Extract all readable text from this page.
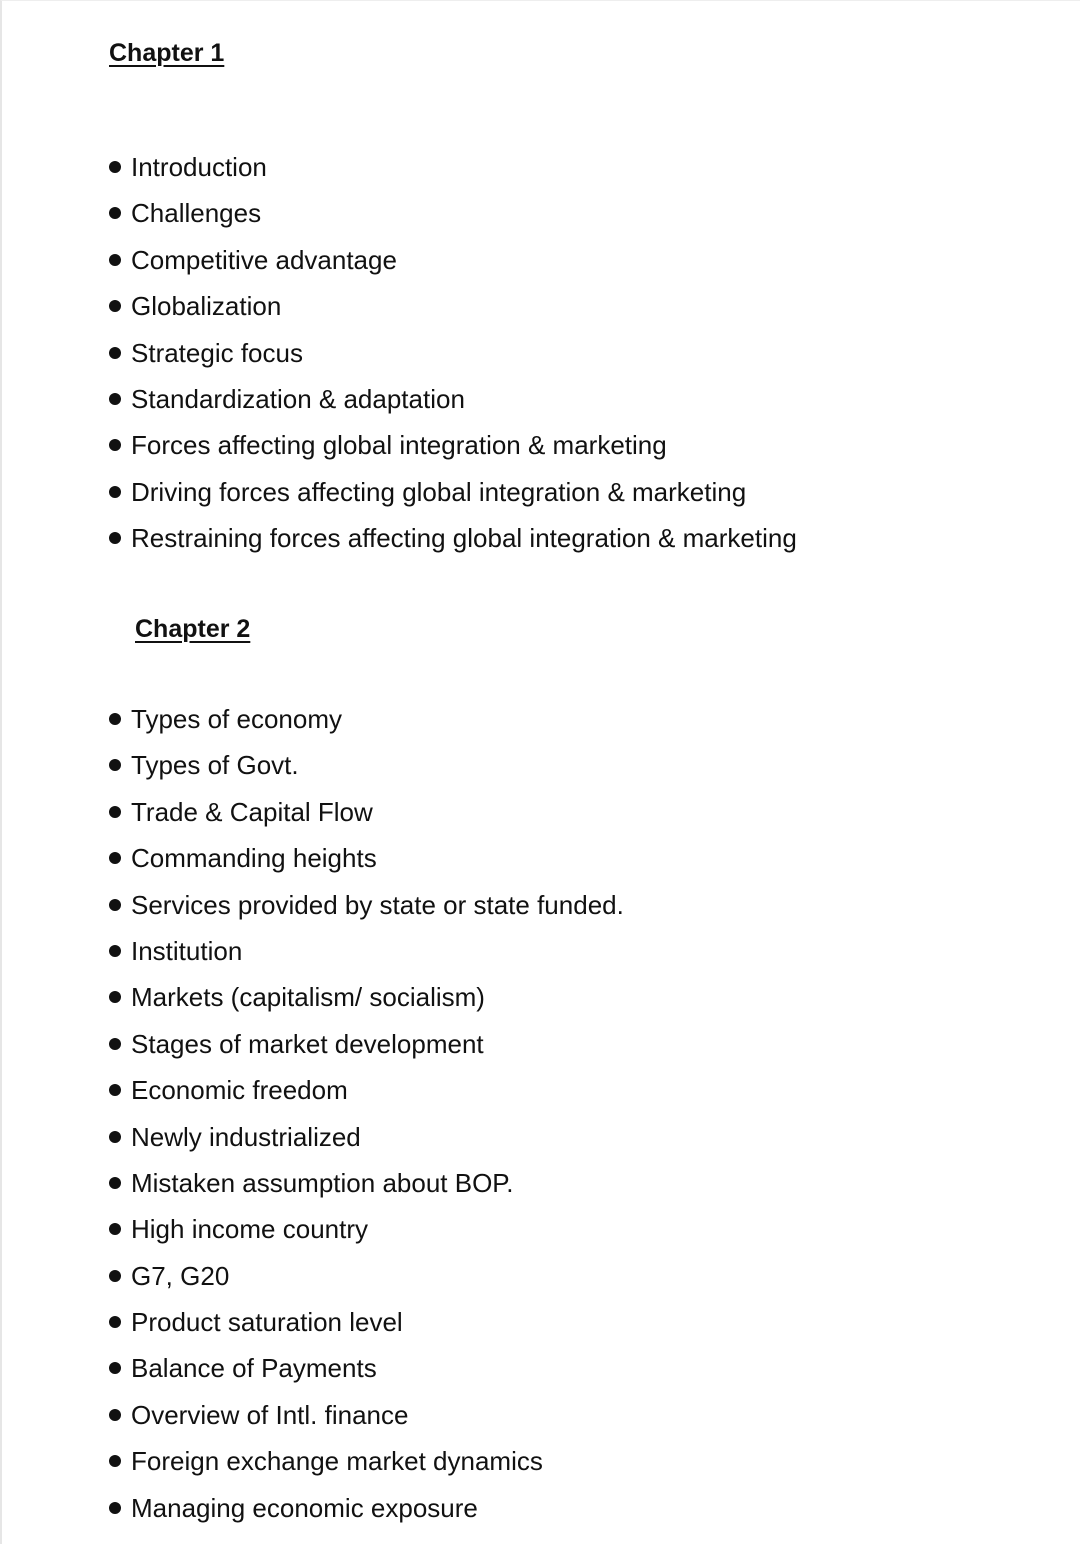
Chapter 1
Introduction
Challenges
Competitive advantage
Globalization
Strategic focus
Standardization & adaptation
Forces affecting global integration & marketing
Driving forces affecting global integration & marketing
Restraining forces affecting global integration & marketing
Chapter 2
Types of economy
Types of Govt.
Trade & Capital Flow
Commanding heights
Services provided by state or state funded.
Institution
Markets (capitalism/ socialism)
Stages of market development
Economic freedom
Newly industrialized
Mistaken assumption about BOP.
High income country
G7, G20
Product saturation level
Balance of Payments
Overview of Intl. finance
Foreign exchange market dynamics
Managing economic exposure
